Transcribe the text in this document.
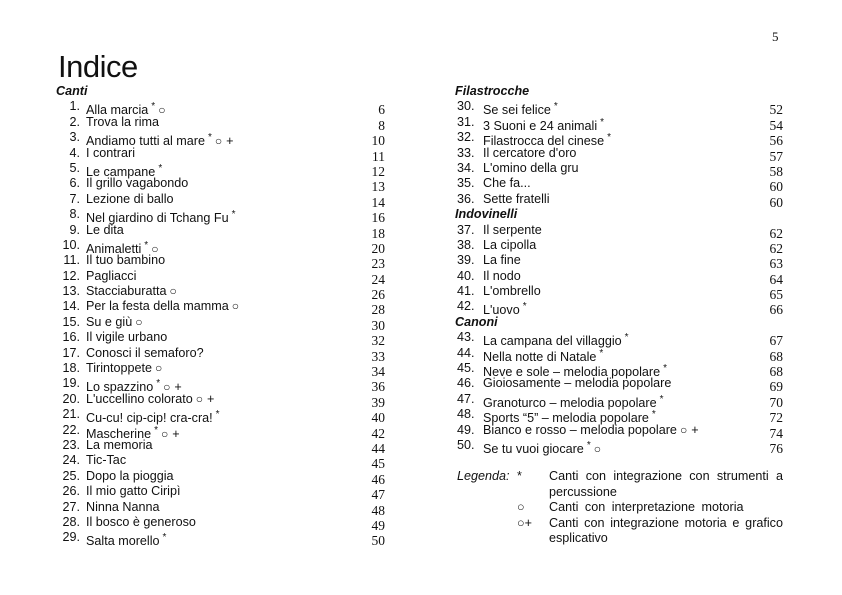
5
Indice
Canti
1. Alla marcia * ○	6
2. Trova la rima	8
3. Andiamo tutti al mare * ○ +	10
4. I contrari	11
5. Le campane *	12
6. Il grillo vagabondo	13
7. Lezione di ballo	14
8. Nel giardino di Tchang Fu *	16
9. Le dita	18
10. Animaletti * ○	20
11. Il tuo bambino	23
12. Pagliacci	24
13. Stacciaburatta ○	26
14. Per la festa della mamma ○	28
15. Su e giù ○	30
16. Il vigile urbano	32
17. Conosci il semaforo?	33
18. Tirintoppete ○	34
19. Lo spazzino * ○ +	36
20. L'uccellino colorato ○ +	39
21. Cu-cu! cip-cip! cra-cra! *	40
22. Mascherine * ○ +	42
23. La memoria	44
24. Tic-Tac	45
25. Dopo la pioggia	46
26. Il mio gatto Ciripì	47
27. Ninna Nanna	48
28. Il bosco è generoso	49
29. Salta morello *	50
Filastrocche
30. Se sei felice *	52
31. 3 Suoni e 24 animali *	54
32. Filastrocca del cinese *	56
33. Il cercatore d'oro	57
34. L'omino della gru	58
35. Che fa...	60
36. Sette fratelli	60
Indovinelli
37. Il serpente	62
38. La cipolla	62
39. La fine	63
40. Il nodo	64
41. L'ombrello	65
42. L'uovo *	66
Canoni
43. La campana del villaggio *	67
44. Nella notte di Natale *	68
45. Neve e sole – melodia popolare *	68
46. Gioiosamente – melodia popolare	69
47. Granoturco – melodia popolare *	70
48. Sports “5” – melodia popolare *	72
49. Bianco e rosso – melodia popolare ○ +	74
50. Se tu vuoi giocare * ○	76
Legenda: *	Canti con integrazione con strumenti a percussione
○	Canti con interpretazione motoria
○+	Canti con integrazione motoria e grafico esplicativo
